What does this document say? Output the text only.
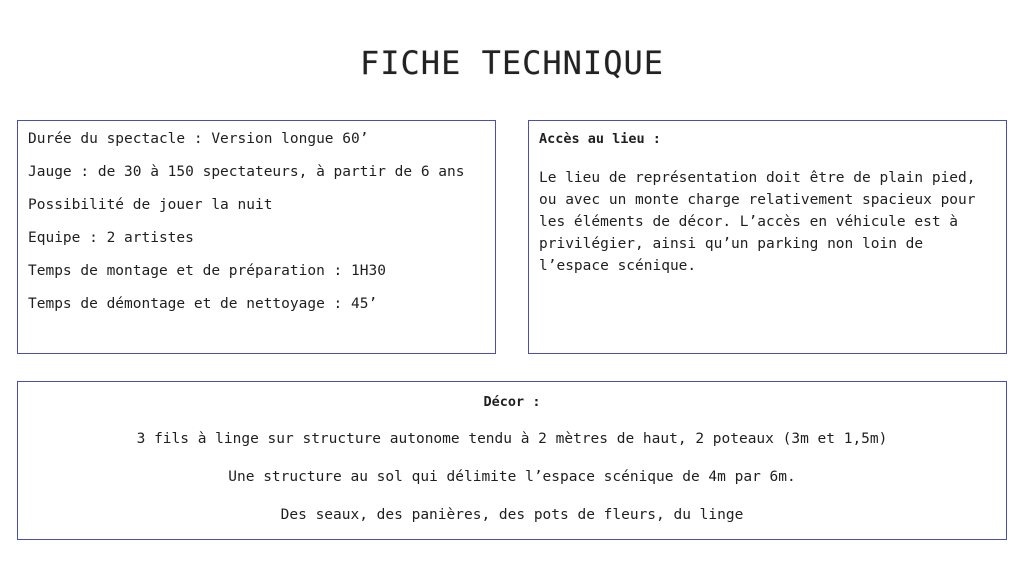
FICHE TECHNIQUE

Durée du spectacle : Version longue 60’

Jauge : de 30 à 150 spectateurs, à partir de 6 ans

Possibilité de jouer la nuit

Equipe : 2 artistes

Temps de montage et de préparation : 1H30

Temps de démontage et de nettoyage : 45’

Accès au lieu :

Le lieu de représentation doit être de plain pied, ou avec un monte charge relativement spacieux pour les éléments de décor. L’accès en véhicule est à privilégier, ainsi qu’un parking non loin de l’espace scénique.

Décor :

3 fils à linge sur structure autonome tendu à 2 mètres de haut, 2 poteaux (3m et 1,5m)

Une structure au sol qui délimite l’espace scénique de 4m par 6m.

Des seaux, des panières, des pots de fleurs, du linge
